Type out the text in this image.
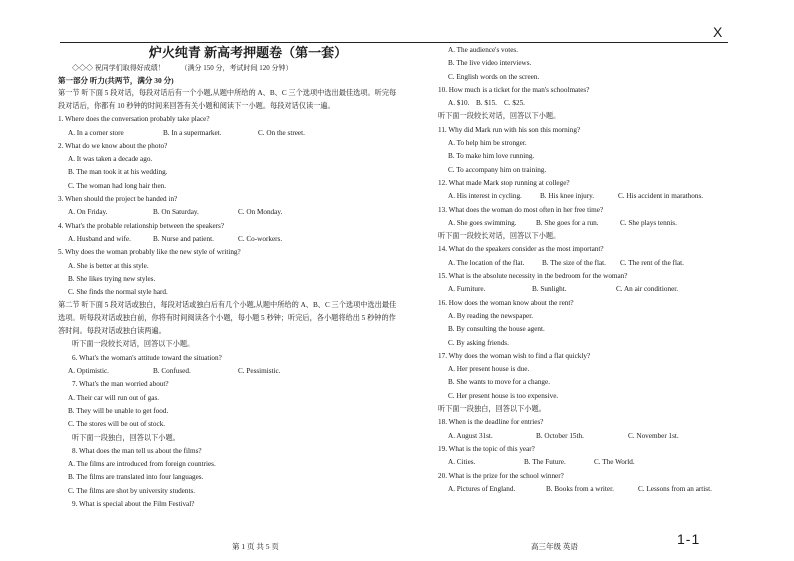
X
炉火纯青 新高考押题卷（第一套）
◇◇◇ 祝同学们取得好成绩！ （满分 150 分，考试时间 120 分钟）
第一部分 听力(共两节，满分 30 分)
第一节 听下面 5 段对话，每段对话后有一个小题,从题中所给的 A、B、C 三个选项中选出最佳选项。听完每段对话后，你都有 10 秒钟的时间来回答有关小题和阅读下一小题。每段对话仅读一遍。
1. Where does the conversation probably take place?
A. In a corner store	B. In a supermarket.	C. On the street.
2. What do we know about the photo?
A. It was taken a decade ago.
B. The man took it at his wedding.
C. The woman had long hair then.
3. When should the project be handed in?
A. On Friday.	B. On Saturday.	C. On Monday.
4. What's the probable relationship between the speakers?
A. Husband and wife.	B. Nurse and patient.	C. Co-workers.
5. Why does the woman probably like the new style of writing?
A. She is better at this style.
B. She likes trying new styles.
C. She finds the normal style hard.
第二节 听下面 5 段对话或独白，每段对话或独白后有几个小题,从题中所给的 A、B、C 三个选项中选出最佳选项。听每段对话或独白前，你将有时间阅读各个小题，每小题 5 秒钟；听完后，各小题将给出 5 秒钟的作答时间。每段对话或独白读两遍。
听下面一段较长对话，回答以下小题。
6. What's the woman's attitude toward the situation?
A. Optimistic.	B. Confused.	C. Pessimistic.
7. What's the man worried about?
A. Their car will run out of gas.
B. They will be unable to get food.
C. The stores will be out of stock.
听下面一段独白，回答以下小题。
8. What does the man tell us about the films?
A. The films are introduced from foreign countries.
B. The films are translated into four languages.
C. The films are shot by university students.
9. What is special about the Film Festival?
A. The audience's votes.
B. The live video interviews.
C. English words on the screen.
10. How much is a ticket for the man's schoolmates?
A. $10. B. $15. C. $25.
听下面一段较长对话，回答以下小题。
11. Why did Mark run with his son this morning?
A. To help him be stronger.
B. To make him love running.
C. To accompany him on training.
12. What made Mark stop running at college?
A. His interest in cycling.	B. His knee injury.	C. His accident in marathons.
13. What does the woman do most often in her free time?
A. She goes swimming.	B. She goes for a run.	C. She plays tennis.
听下面一段较长对话，回答以下小题。
14. What do the speakers consider as the most important?
A. The location of the flat. B. The size of the flat. C. The rent of the flat.
15. What is the absolute necessity in the bedroom for the woman?
A. Furniture.	B. Sunlight.	C. An air conditioner.
16. How does the woman know about the rent?
A. By reading the newspaper.
B. By consulting the house agent.
C. By asking friends.
17. Why does the woman wish to find a flat quickly?
A. Her present house is due.
B. She wants to move for a change.
C. Her present house is too expensive.
听下面一段独白，回答以下小题。
18. When is the deadline for entries?
A. August 31st.	B. October 15th.	C. November 1st.
19. What is the topic of this year?
A. Cities.	B. The Future.	C. The World.
20. What is the prize for the school winner?
A. Pictures of England.	B. Books from a writer.	C. Lessons from an artist.
第 1 页 共 5 页	高三年级 英语	1-1
